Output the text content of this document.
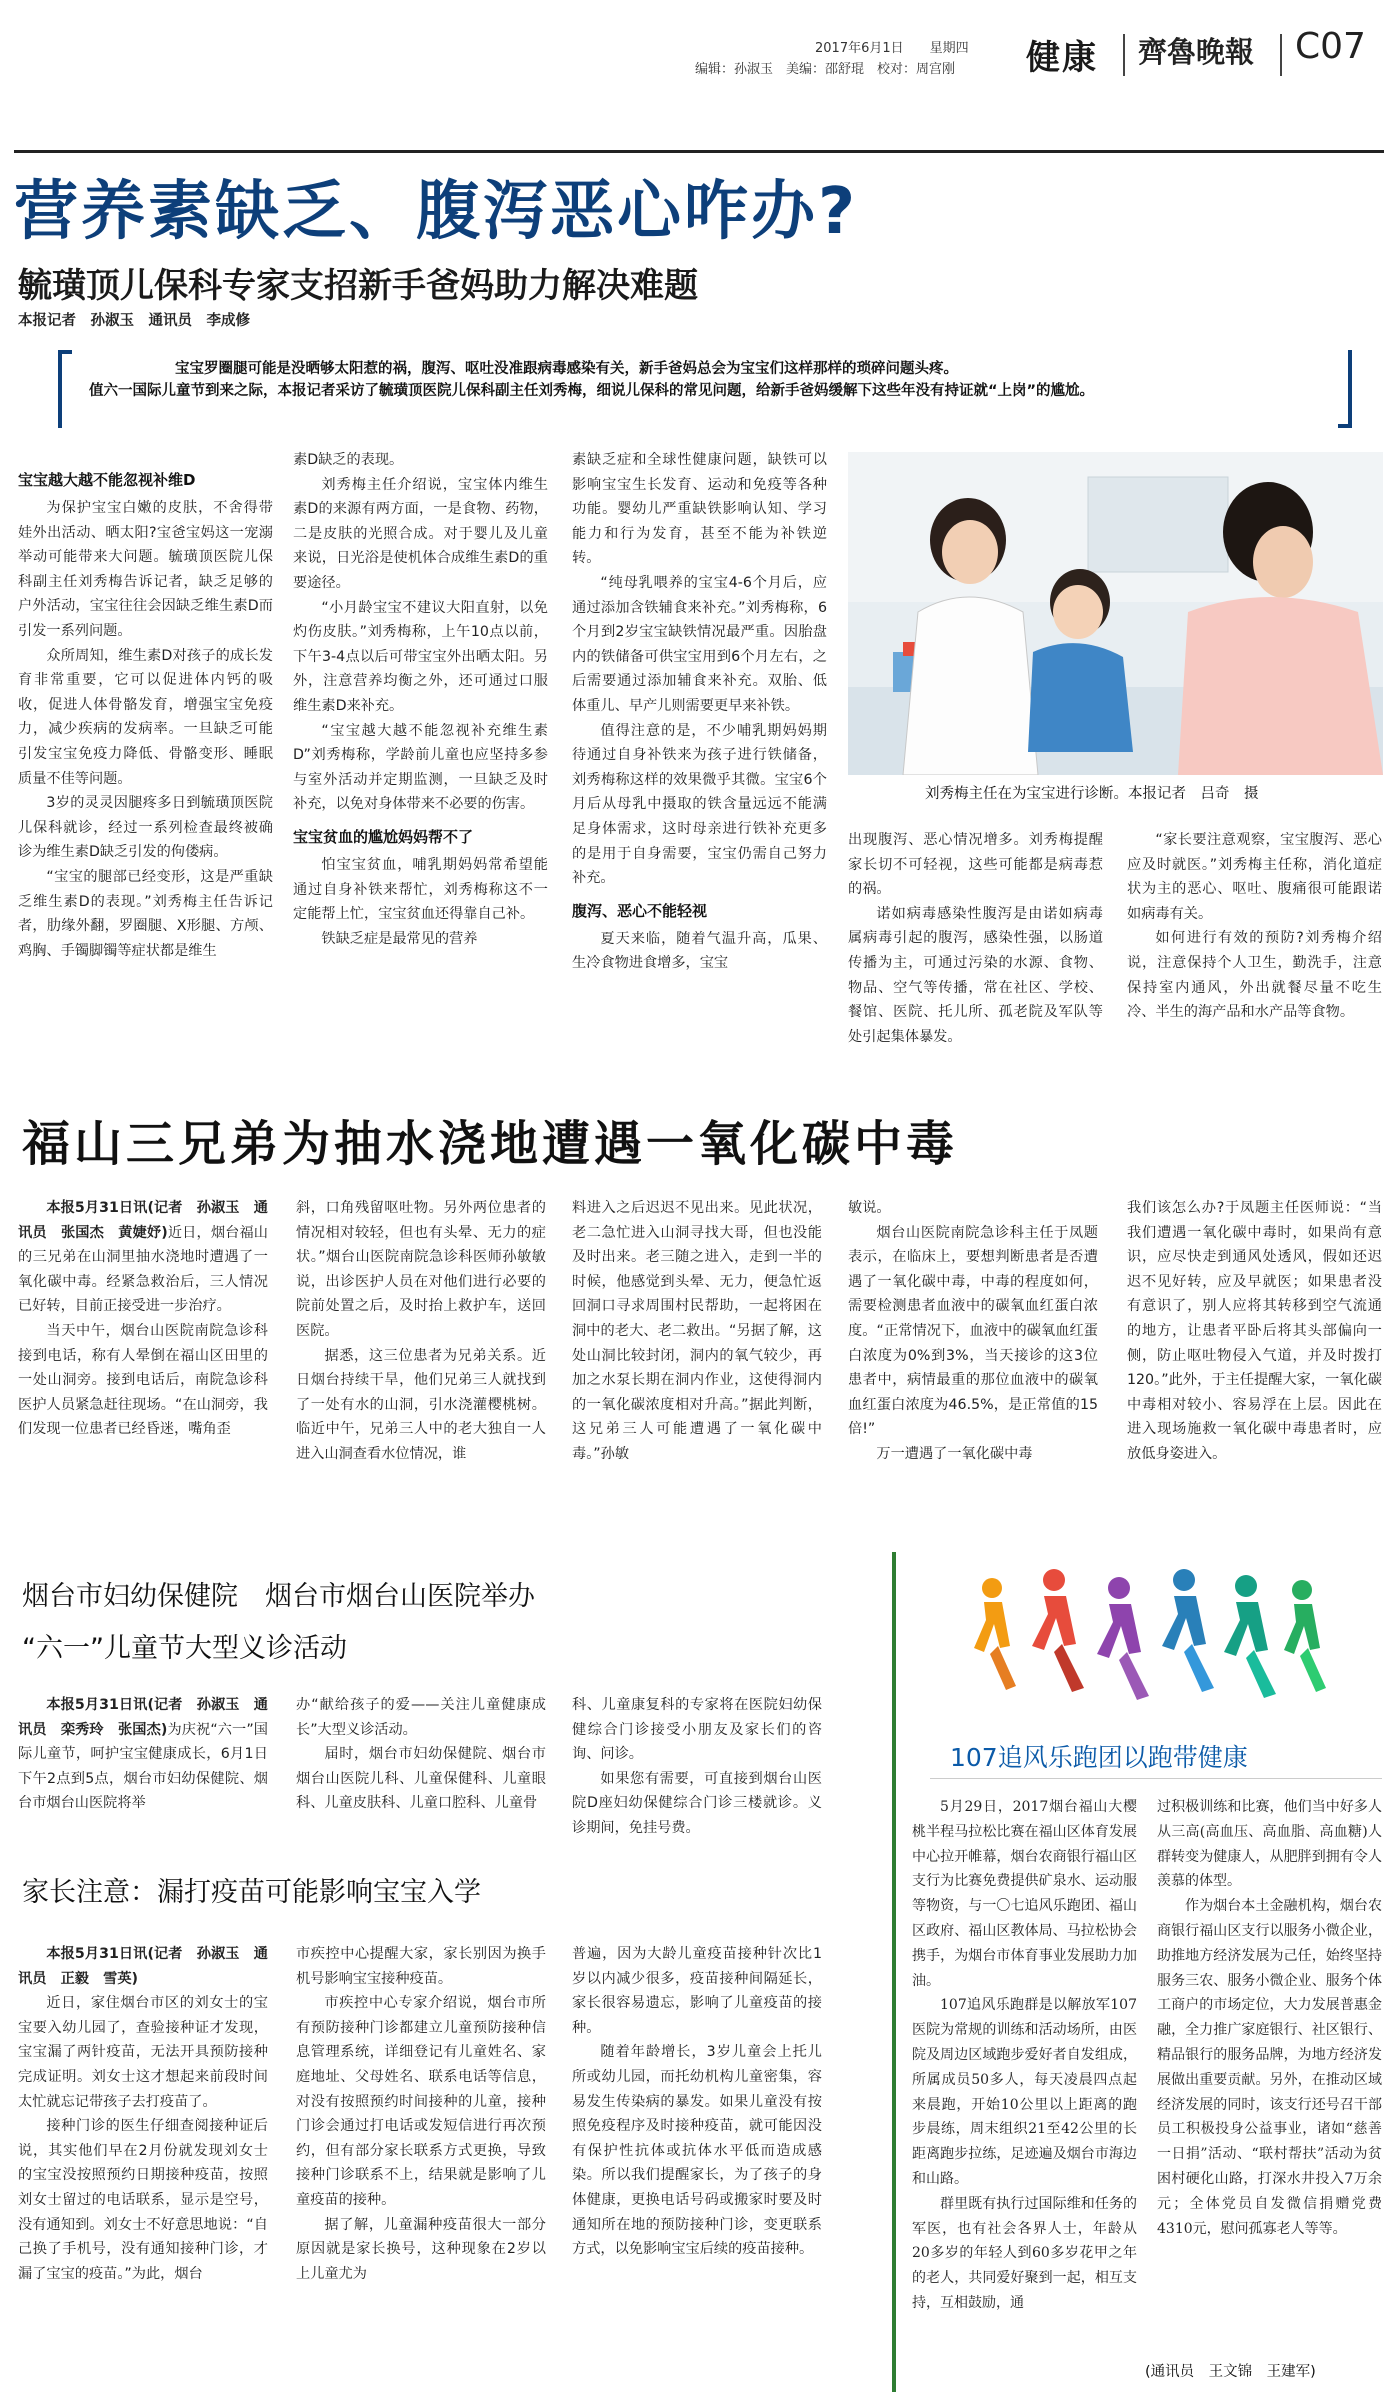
2017年6月1日　　 星期四
编辑：孙淑玉　美编：邵舒琨　校对：周宫刚	健康 齊魯晚報 C07
营养素缺乏、腹泻恶心咋办?
毓璜顶儿保科专家支招新手爸妈助力解决难题
本报记者　孙淑玉　通讯员　李成修
宝宝罗圈腿可能是没晒够太阳惹的祸，腹泻、呕吐没准跟病毒感染有关，新手爸妈总会为宝宝们这样那样的琐碎问题头疼。
值六一国际儿童节到来之际，本报记者采访了毓璜顶医院儿保科副主任刘秀梅，细说儿保科的常见问题，给新手爸妈缓解下这些年没有持证就“上岗”的尴尬。
宝宝越大越不能忽视补维D

为保护宝宝白嫩的皮肤，不舍得带娃外出活动、晒太阳?宝爸宝妈这一宠溺举动可能带来大问题。毓璜顶医院儿保科副主任刘秀梅告诉记者，缺乏足够的户外活动，宝宝往往会因缺乏维生素D而引发一系列问题。

众所周知，维生素D对孩子的成长发育非常重要，它可以促进体内钙的吸收，促进人体骨骼发育，增强宝宝免疫力，减少疾病的发病率。一旦缺乏可能引发宝宝免疫力降低、骨骼变形、睡眠质量不佳等问题。

3岁的灵灵因腿疼多日到毓璜顶医院儿保科就诊，经过一系列检查最终被确诊为维生素D缺乏引发的佝偻病。

“宝宝的腿部已经变形，这是严重缺乏维生素D的表现。”刘秀梅主任告诉记者，肋缘外翻，罗圈腿、X形腿、方颅、鸡胸、手镯脚镯等症状都是维生

素D缺乏的表现。

刘秀梅主任介绍说，宝宝体内维生素D的来源有两方面，一是食物、药物，二是皮肤的光照合成。对于婴儿及儿童来说，日光浴是使机体合成维生素D的重要途径。

“小月龄宝宝不建议大阳直射，以免灼伤皮肤。”刘秀梅称，上午10点以前，下午3-4点以后可带宝宝外出晒太阳。另外，注意营养均衡之外，还可通过口服维生素D来补充。

“宝宝越大越不能忽视补充维生素D”刘秀梅称，学龄前儿童也应坚持多参与室外活动并定期监测，一旦缺乏及时补充，以免对身体带来不必要的伤害。

宝宝贫血的尴尬妈妈帮不了

怕宝宝贫血，哺乳期妈妈常希望能通过自身补铁来帮忙，刘秀梅称这不一定能帮上忙，宝宝贫血还得靠自己补。

铁缺乏症是最常见的营养

素缺乏症和全球性健康问题，缺铁可以影响宝宝生长发育、运动和免疫等各种功能。婴幼儿严重缺铁影响认知、学习能力和行为发育，甚至不能为补铁逆转。

“纯母乳喂养的宝宝4-6个月后，应通过添加含铁辅食来补充。”刘秀梅称，6个月到2岁宝宝缺铁情况最严重。因胎盘内的铁储备可供宝宝用到6个月左右，之后需要通过添加辅食来补充。双胎、低体重儿、早产儿则需要更早来补铁。

值得注意的是，不少哺乳期妈妈期待通过自身补铁来为孩子进行铁储备，刘秀梅称这样的效果微乎其微。宝宝6个月后从母乳中摄取的铁含量远远不能满足身体需求，这时母亲进行铁补充更多的是用于自身需要，宝宝仍需自己努力补充。

腹泻、恶心不能轻视

夏天来临，随着气温升高，瓜果、生冷食物进食增多，宝宝

刘秀梅主任在为宝宝进行诊断。本报记者　吕奇　摄

出现腹泻、恶心情况增多。刘秀梅提醒家长切不可轻视，这些可能都是病毒惹的祸。

诺如病毒感染性腹泻是由诺如病毒属病毒引起的腹泻，感染性强，以肠道传播为主，可通过污染的水源、食物、物品、空气等传播，常在社区、学校、餐馆、医院、托儿所、孤老院及军队等处引起集体暴发。

“家长要注意观察，宝宝腹泻、恶心应及时就医。”刘秀梅主任称，消化道症状为主的恶心、呕吐、腹痛很可能跟诺如病毒有关。

如何进行有效的预防?刘秀梅介绍说，注意保持个人卫生，勤洗手，注意保持室内通风，外出就餐尽量不吃生冷、半生的海产品和水产品等食物。

福山三兄弟为抽水浇地遭遇一氧化碳中毒

本报5月31日讯(记者　孙淑玉　通讯员　张国杰　黄婕妤)近日，烟台福山的三兄弟在山洞里抽水浇地时遭遇了一氧化碳中毒。经紧急救治后，三人情况已好转，目前正接受进一步治疗。

当天中午，烟台山医院南院急诊科接到电话，称有人晕倒在福山区田里的一处山洞旁。接到电话后，南院急诊科医护人员紧急赶往现场。“在山洞旁，我们发现一位患者已经昏迷，嘴角歪

斜，口角残留呕吐物。另外两位患者的情况相对较轻，但也有头晕、无力的症状。”烟台山医院南院急诊科医师孙敏敏说，出诊医护人员在对他们进行必要的院前处置之后，及时抬上救护车，送回医院。

据悉，这三位患者为兄弟关系。近日烟台持续干旱，他们兄弟三人就找到了一处有水的山洞，引水浇灌樱桃树。临近中午，兄弟三人中的老大独自一人进入山洞查看水位情况，谁

料进入之后迟迟不见出来。见此状况，老二急忙进入山洞寻找大哥，但也没能及时出来。老三随之进入，走到一半的时候，他感觉到头晕、无力，便急忙返回洞口寻求周围村民帮助，一起将困在洞中的老大、老二救出。“另据了解，这处山洞比较封闭，洞内的氧气较少，再加之水泵长期在洞内作业，这使得洞内的一氧化碳浓度相对升高。”据此判断，这兄弟三人可能遭遇了一氧化碳中毒。”孙敏

敏说。

烟台山医院南院急诊科主任于凤题表示，在临床上，要想判断患者是否遭遇了一氧化碳中毒，中毒的程度如何，需要检测患者血液中的碳氧血红蛋白浓度。“正常情况下，血液中的碳氧血红蛋白浓度为0%到3%，当天接诊的这3位患者中，病情最重的那位血液中的碳氧血红蛋白浓度为46.5%，是正常值的15倍!”

万一遭遇了一氧化碳中毒

我们该怎么办?于凤题主任医师说：“当我们遭遇一氧化碳中毒时，如果尚有意识，应尽快走到通风处透风，假如还迟迟不见好转，应及早就医；如果患者没有意识了，别人应将其转移到空气流通的地方，让患者平卧后将其头部偏向一侧，防止呕吐物侵入气道，并及时拨打120。”此外，于主任提醒大家，一氧化碳中毒相对较小、容易浮在上层。因此在进入现场施救一氧化碳中毒患者时，应放低身姿进入。

烟台市妇幼保健院　烟台市烟台山医院举办
“六一”儿童节大型义诊活动

本报5月31日讯(记者　孙淑玉　通讯员　栾秀玲　张国杰)为庆祝“六一”国际儿童节，呵护宝宝健康成长，6月1日下午2点到5点，烟台市妇幼保健院、烟台市烟台山医院将举

办“献给孩子的爱——关注儿童健康成长”大型义诊活动。

届时，烟台市妇幼保健院、烟台市烟台山医院儿科、儿童保健科、儿童眼科、儿童皮肤科、儿童口腔科、儿童骨

科、儿童康复科的专家将在医院妇幼保健综合门诊接受小朋友及家长们的咨询、问诊。

如果您有需要，可直接到烟台山医院D座妇幼保健综合门诊三楼就诊。义诊期间，免挂号费。

家长注意：漏打疫苗可能影响宝宝入学

本报5月31日讯(记者　孙淑玉　通讯员　正毅　雪英)

近日，家住烟台市区的刘女士的宝宝要入幼儿园了，查验接种证才发现，宝宝漏了两针疫苗，无法开具预防接种完成证明。刘女士这才想起来前段时间太忙就忘记带孩子去打疫苗了。

接种门诊的医生仔细查阅接种证后说，其实他们早在2月份就发现刘女士的宝宝没按照预约日期接种疫苗，按照刘女士留过的电话联系，显示是空号，没有通知到。刘女士不好意思地说：“自己换了手机号，没有通知接种门诊，才漏了宝宝的疫苗。”为此，烟台

市疾控中心提醒大家，家长别因为换手机号影响宝宝接种疫苗。

市疾控中心专家介绍说，烟台市所有预防接种门诊都建立儿童预防接种信息管理系统，详细登记有儿童姓名、家庭地址、父母姓名、联系电话等信息，对没有按照预约时间接种的儿童，接种门诊会通过打电话或发短信进行再次预约，但有部分家长联系方式更换，导致接种门诊联系不上，结果就是影响了儿童疫苗的接种。

据了解，儿童漏种疫苗很大一部分原因就是家长换号，这种现象在2岁以上儿童尤为

普遍，因为大龄儿童疫苗接种针次比1岁以内减少很多，疫苗接种间隔延长，家长很容易遗忘，影响了儿童疫苗的接种。

随着年龄增长，3岁儿童会上托儿所或幼儿园，而托幼机构儿童密集，容易发生传染病的暴发。如果儿童没有按照免疫程序及时接种疫苗，就可能因没有保护性抗体或抗体水平低而造成感染。所以我们提醒家长，为了孩子的身体健康，更换电话号码或搬家时要及时通知所在地的预防接种门诊，变更联系方式，以免影响宝宝后续的疫苗接种。

107追风乐跑团以跑带健康

5月29日，2017烟台福山大樱桃半程马拉松比赛在福山区体育发展中心拉开帷幕，烟台农商银行福山区支行为比赛免费提供矿泉水、运动服等物资，与一〇七追风乐跑团、福山区政府、福山区教体局、马拉松协会携手，为烟台市体育事业发展助力加油。

107追风乐跑群是以解放军107医院为常规的训练和活动场所，由医院及周边区域跑步爱好者自发组成，所属成员50多人，每天凌晨四点起来晨跑，开始10公里以上距离的跑步晨练，周末组织21至42公里的长距离跑步拉练，足迹遍及烟台市海边和山路。

群里既有执行过国际维和任务的军医，也有社会各界人士，年龄从20多岁的年轻人到60多岁花甲之年的老人，共同爱好聚到一起，相互支持，互相鼓励，通

过积极训练和比赛，他们当中好多人从三高(高血压、高血脂、高血糖)人群转变为健康人，从肥胖到拥有令人羡慕的体型。

作为烟台本土金融机构，烟台农商银行福山区支行以服务小微企业，助推地方经济发展为己任，始终坚持服务三农、服务小微企业、服务个体工商户的市场定位，大力发展普惠金融，全力推广家庭银行、社区银行、精品银行的服务品牌，为地方经济发展做出重要贡献。另外，在推动区域经济发展的同时，该支行还号召干部员工积极投身公益事业，诸如“慈善一日捐”活动、“联村帮扶”活动为贫困村硬化山路，打深水井投入7万余元；全体党员自发微信捐赠党费4310元，慰问孤寡老人等等。

(通讯员　王文锦　王建军)
